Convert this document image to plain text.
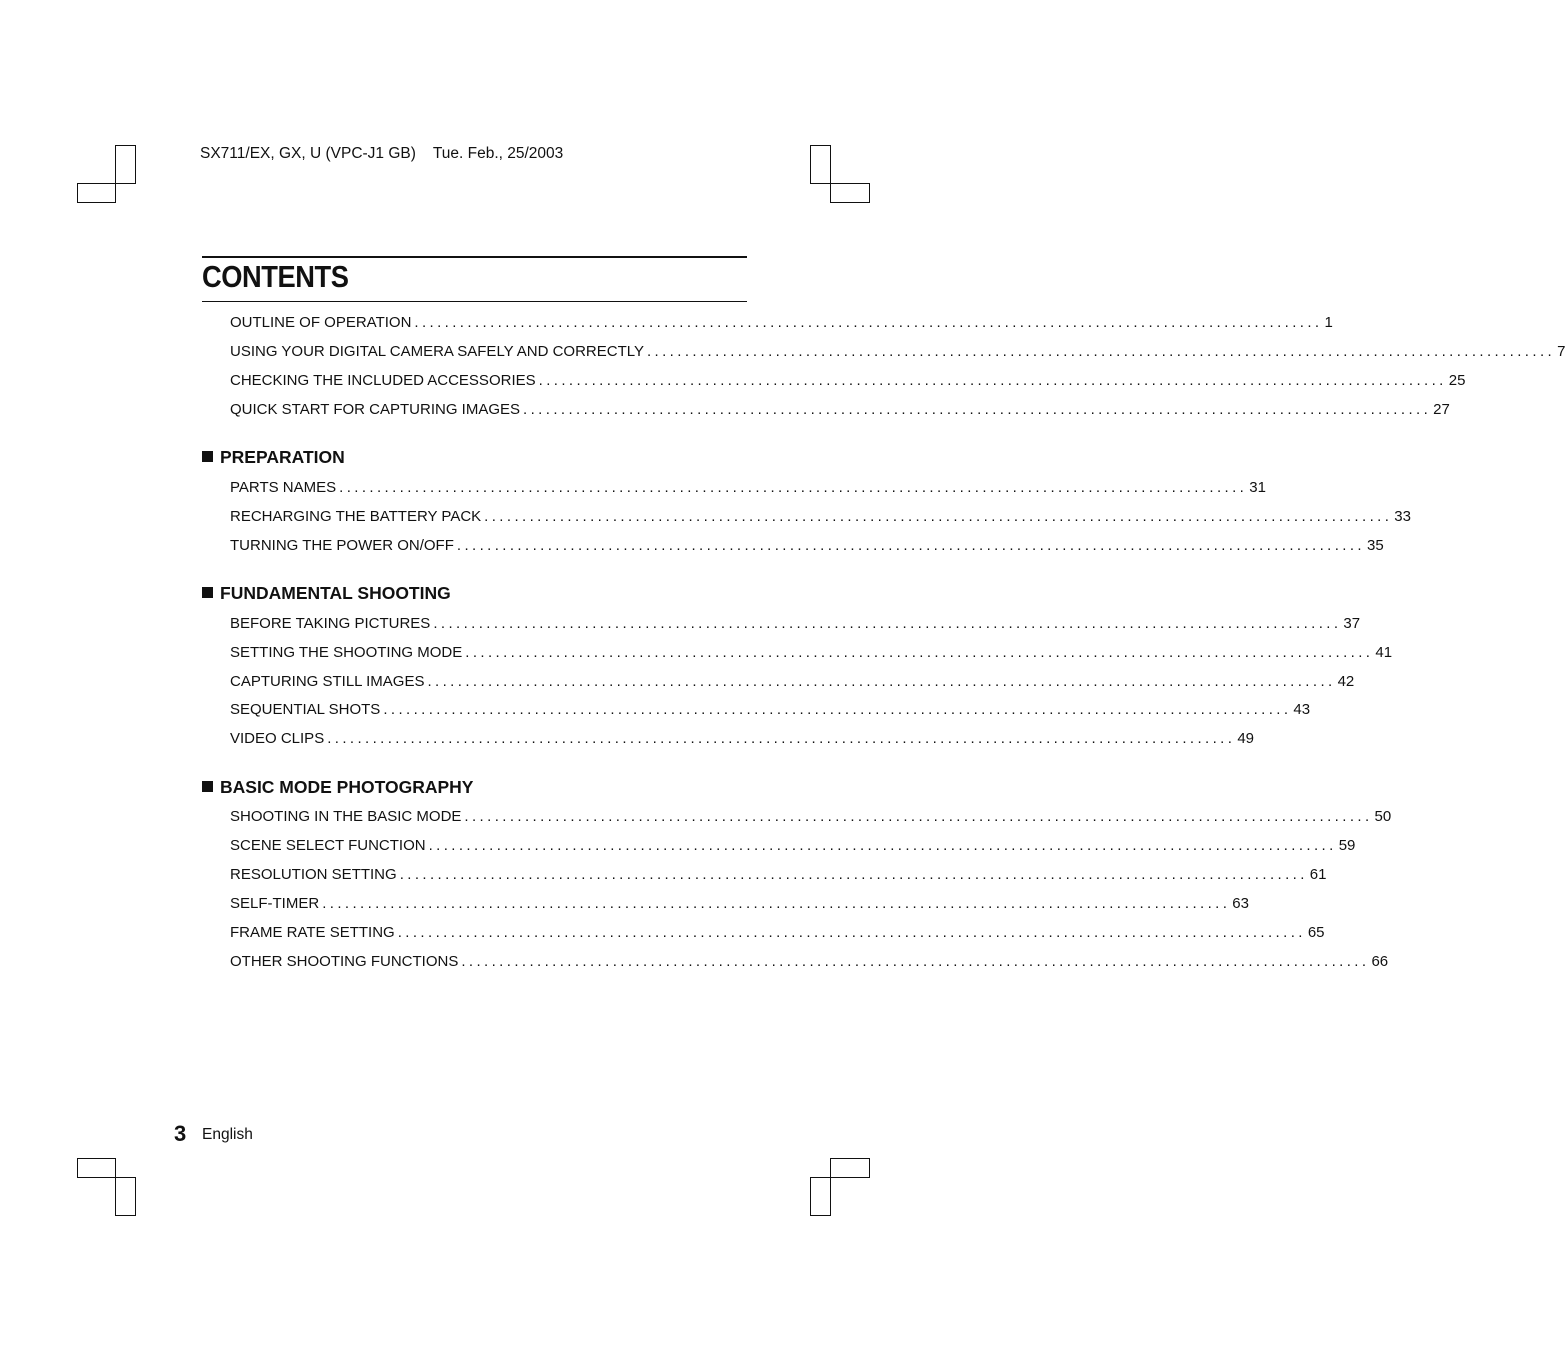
SX711/EX, GX, U (VPC-J1 GB) Tue. Feb., 25/2003
CONTENTS
OUTLINE OF OPERATION ........................................................................................................................ 1
USING YOUR DIGITAL CAMERA SAFELY AND CORRECTLY ........................................................................................................................ 7
CHECKING THE INCLUDED ACCESSORIES ........................................................................................................................ 25
QUICK START FOR CAPTURING IMAGES ........................................................................................................................ 27
PREPARATION
PARTS NAMES ........................................................................................................................ 31
RECHARGING THE BATTERY PACK ........................................................................................................................ 33
TURNING THE POWER ON/OFF ........................................................................................................................ 35
FUNDAMENTAL SHOOTING
BEFORE TAKING PICTURES ........................................................................................................................ 37
SETTING THE SHOOTING MODE ........................................................................................................................ 41
CAPTURING STILL IMAGES ........................................................................................................................ 42
SEQUENTIAL SHOTS ........................................................................................................................ 43
VIDEO CLIPS ........................................................................................................................ 49
BASIC MODE PHOTOGRAPHY
SHOOTING IN THE BASIC MODE ........................................................................................................................ 50
SCENE SELECT FUNCTION ........................................................................................................................ 59
RESOLUTION SETTING ........................................................................................................................ 61
SELF-TIMER ........................................................................................................................ 63
FRAME RATE SETTING ........................................................................................................................ 65
OTHER SHOOTING FUNCTIONS ........................................................................................................................ 66
3 English
